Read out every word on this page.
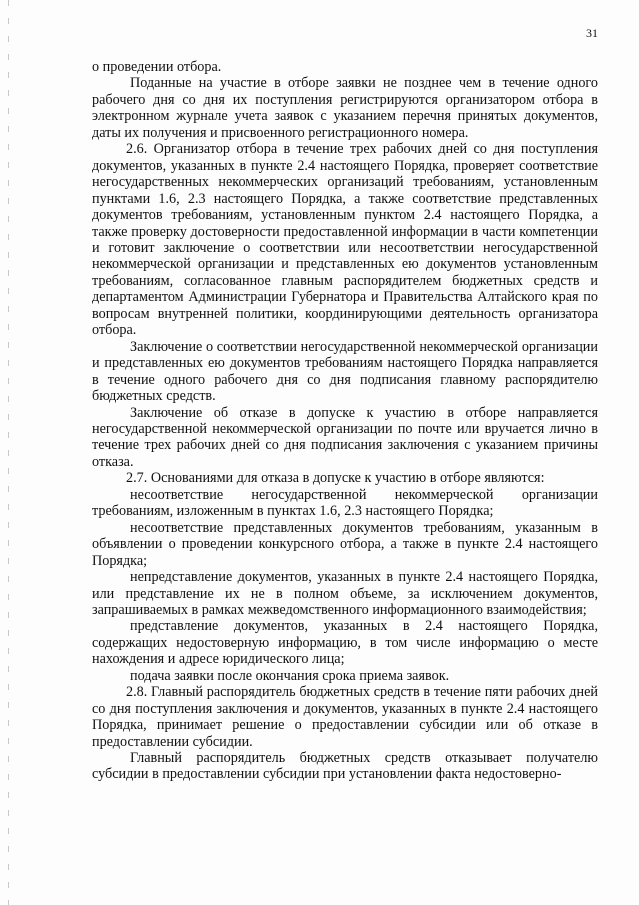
31

о проведении отбора.

Поданные на участие в отборе заявки не позднее чем в течение одного рабочего дня со дня их поступления регистрируются организатором отбора в электронном журнале учета заявок с указанием перечня принятых документов, даты их получения и присвоенного регистрационного номера.

2.6. Организатор отбора в течение трех рабочих дней со дня поступления документов, указанных в пункте 2.4 настоящего Порядка, проверяет соответствие негосударственных некоммерческих организаций требованиям, установленным пунктами 1.6, 2.3 настоящего Порядка, а также соответствие представленных документов требованиям, установленным пунктом 2.4 настоящего Порядка, а также проверку достоверности предоставленной информации в части компетенции и готовит заключение о соответствии или несоответствии негосударственной некоммерческой организации и представленных ею документов установленным требованиям, согласованное главным распорядителем бюджетных средств и департаментом Администрации Губернатора и Правительства Алтайского края по вопросам внутренней политики, координирующими деятельность организатора отбора.

Заключение о соответствии негосударственной некоммерческой организации и представленных ею документов требованиям настоящего Порядка направляется в течение одного рабочего дня со дня подписания главному распорядителю бюджетных средств.

Заключение об отказе в допуске к участию в отборе направляется негосударственной некоммерческой организации по почте или вручается лично в течение трех рабочих дней со дня подписания заключения с указанием причины отказа.

2.7. Основаниями для отказа в допуске к участию в отборе являются:

несоответствие негосударственной некоммерческой организации требованиям, изложенным в пунктах 1.6, 2.3 настоящего Порядка;

несоответствие представленных документов требованиям, указанным в объявлении о проведении конкурсного отбора, а также в пункте 2.4 настоящего Порядка;

непредставление документов, указанных в пункте 2.4 настоящего Порядка, или представление их не в полном объеме, за исключением документов, запрашиваемых в рамках межведомственного информационного взаимодействия;

представление документов, указанных в 2.4 настоящего Порядка, содержащих недостоверную информацию, в том числе информацию о месте нахождения и адресе юридического лица;

подача заявки после окончания срока приема заявок.

2.8. Главный распорядитель бюджетных средств в течение пяти рабочих дней со дня поступления заключения и документов, указанных в пункте 2.4 настоящего Порядка, принимает решение о предоставлении субсидии или об отказе в предоставлении субсидии.

Главный распорядитель бюджетных средств отказывает получателю субсидии в предоставлении субсидии при установлении факта недостоверно-
